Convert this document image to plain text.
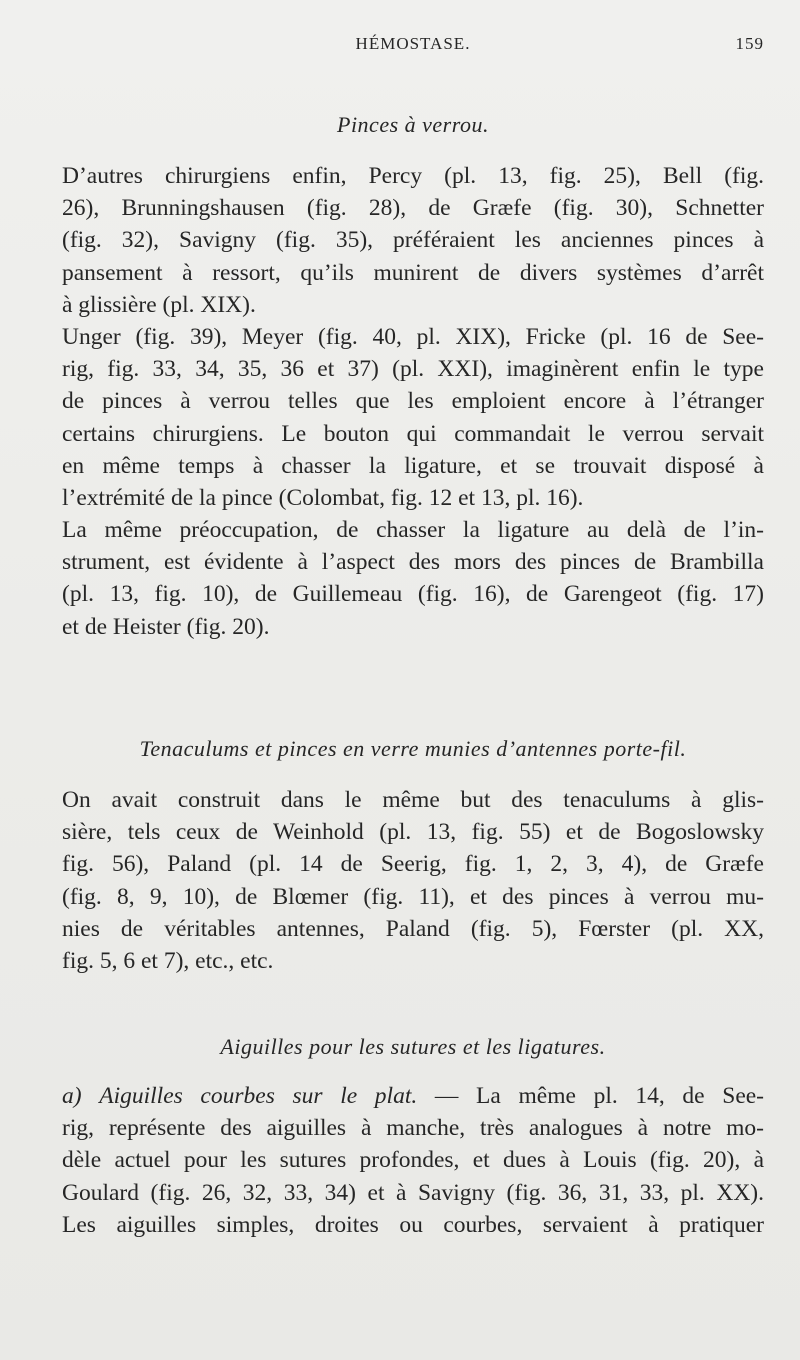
HÉMOSTASE.	159
Pinces à verrou.
D’autres chirurgiens enfin, Percy (pl. 13, fig. 25), Bell (fig.
26), Brunningshausen (fig. 28), de Græfe (fig. 30), Schnetter
(fig. 32), Savigny (fig. 35), préféraient les anciennes pinces à
pansement à ressort, qu’ils munirent de divers systèmes d’arrêt
à glissière (pl. XIX).
Unger (fig. 39), Meyer (fig. 40, pl. XIX), Fricke (pl. 16 de See-
rig, fig. 33, 34, 35, 36 et 37) (pl. XXI), imaginèrent enfin le type
de pinces à verrou telles que les emploient encore à l’étranger
certains chirurgiens. Le bouton qui commandait le verrou servait
en même temps à chasser la ligature, et se trouvait disposé à
l’extrémité de la pince (Colombat, fig. 12 et 13, pl. 16).
La même préoccupation, de chasser la ligature au delà de l’in-
strument, est évidente à l’aspect des mors des pinces de Brambilla
(pl. 13, fig. 10), de Guillemeau (fig. 16), de Garengeot (fig. 17)
et de Heister (fig. 20).
Tenaculums et pinces en verre munies d’antennes porte-fil.
On avait construit dans le même but des tenaculums à glis-
sière, tels ceux de Weinhold (pl. 13, fig. 55) et de Bogoslowsky
fig. 56), Paland (pl. 14 de Seerig, fig. 1, 2, 3, 4), de Græfe
(fig. 8, 9, 10), de Blœmer (fig. 11), et des pinces à verrou mu-
nies de véritables antennes, Paland (fig. 5), Fœrster (pl. XX,
fig. 5, 6 et 7), etc., etc.
Aiguilles pour les sutures et les ligatures.
a) Aiguilles courbes sur le plat. — La même pl. 14, de See-
rig, représente des aiguilles à manche, très analogues à notre mo-
dèle actuel pour les sutures profondes, et dues à Louis (fig. 20), à
Goulard (fig. 26, 32, 33, 34) et à Savigny (fig. 36, 31, 33, pl. XX).
Les aiguilles simples, droites ou courbes, servaient à pratiquer
